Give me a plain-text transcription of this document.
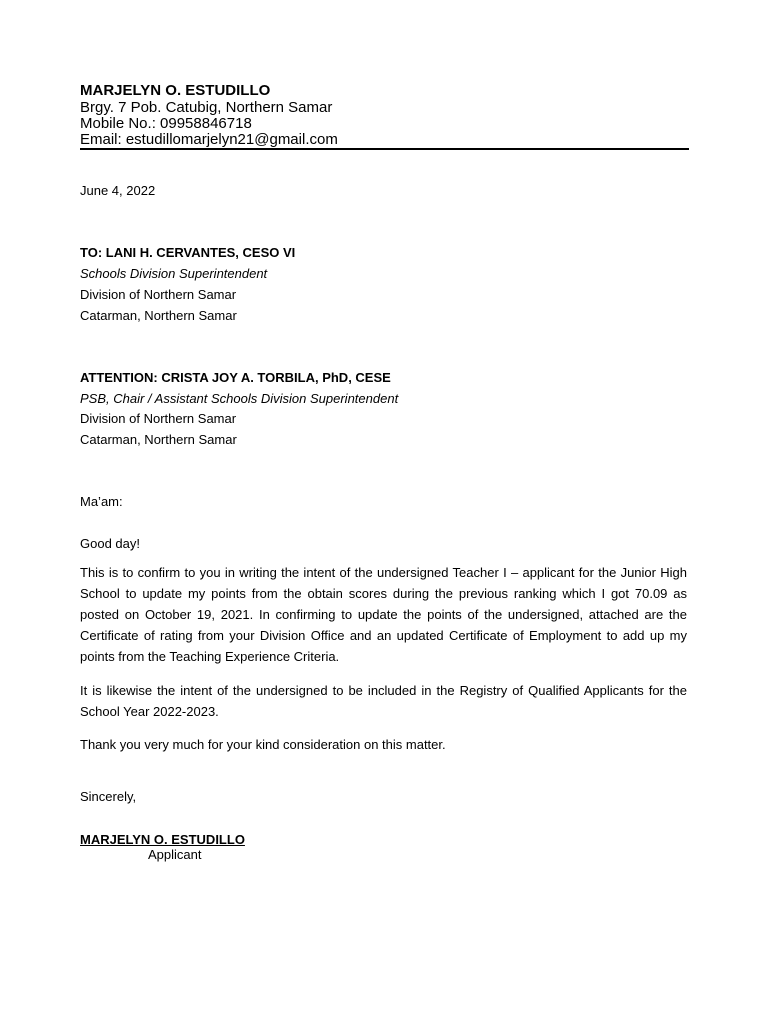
MARJELYN O. ESTUDILLO
Brgy. 7 Pob. Catubig, Northern Samar
Mobile No.: 09958846718
Email: estudillomarjelyn21@gmail.com
June 4, 2022
TO: LANI H. CERVANTES, CESO VI
Schools Division Superintendent
Division of Northern Samar
Catarman, Northern Samar
ATTENTION: CRISTA JOY A. TORBILA, PhD, CESE
PSB, Chair / Assistant Schools Division Superintendent
Division of Northern Samar
Catarman, Northern Samar
Ma’am:
Good day!
This is to confirm to you in writing the intent of the undersigned Teacher I – applicant for the Junior High School to update my points from the obtain scores during the previous ranking which I got 70.09 as posted on October 19, 2021. In confirming to update the points of the undersigned, attached are the Certificate of rating from your Division Office and an updated Certificate of Employment to add up my points from the Teaching Experience Criteria.
It is likewise the intent of the undersigned to be included in the Registry of Qualified Applicants for the School Year 2022-2023.
Thank you very much for your kind consideration on this matter.
Sincerely,
MARJELYN O. ESTUDILLO
Applicant
